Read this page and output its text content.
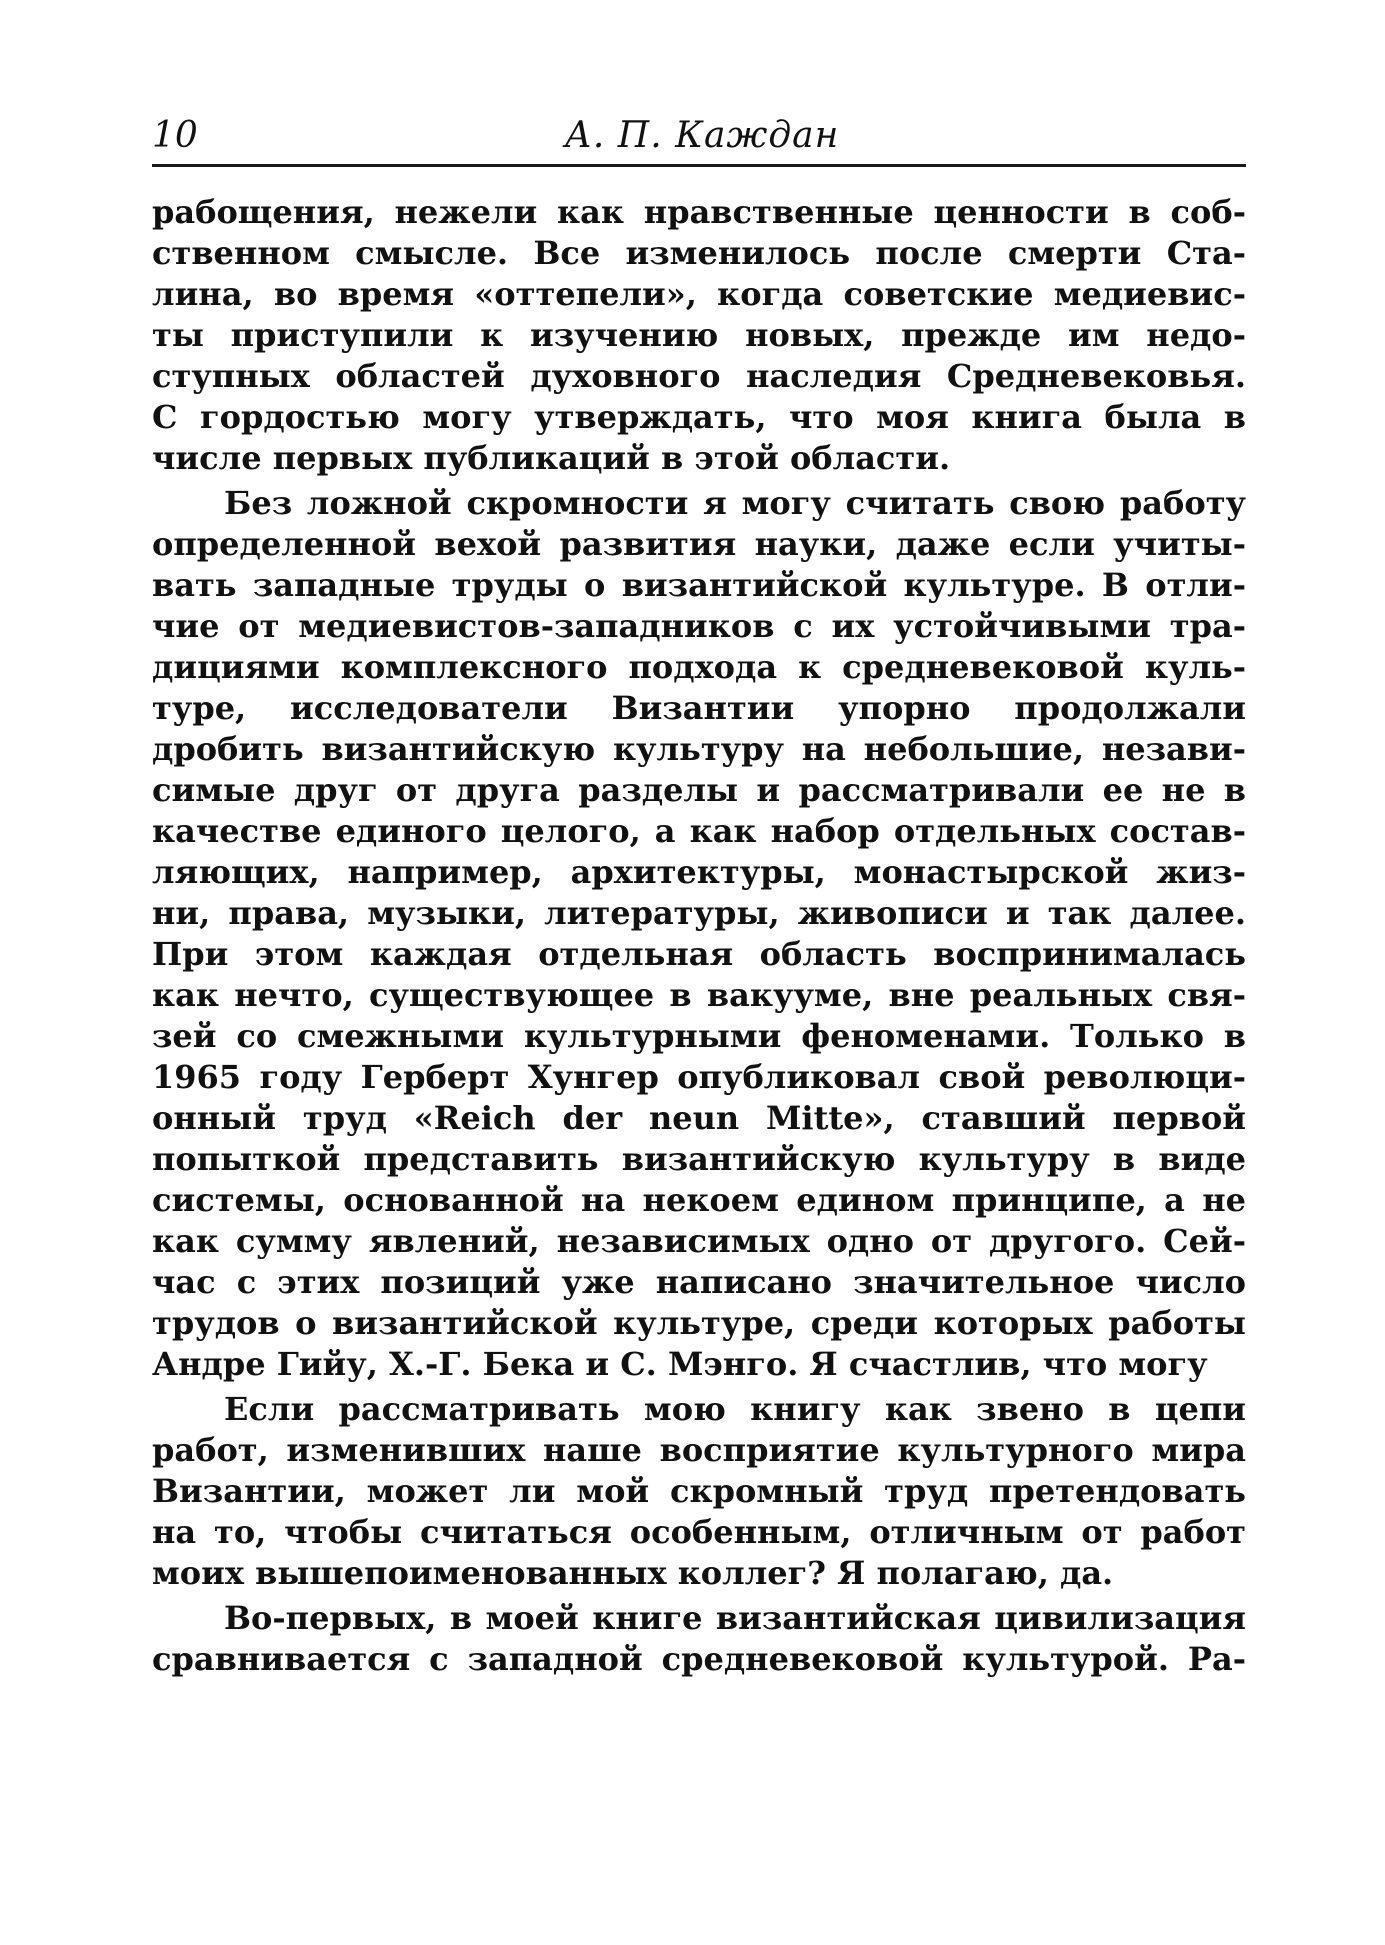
10	А. П. Каждан
рабощения, нежели как нравственные ценности в соб-
ственном смысле. Все изменилось после смерти Ста-
лина, во время «оттепели», когда советские медиевис-
ты приступили к изучению новых, прежде им недо-
ступных областей духовного наследия Средневековья.
С гордостью могу утверждать, что моя книга была в
числе первых публикаций в этой области.
Без ложной скромности я могу считать свою работу
определенной вехой развития науки, даже если учиты-
вать западные труды о византийской культуре. В отли-
чие от медиевистов-западников с их устойчивыми тра-
дициями комплексного подхода к средневековой куль-
туре, исследователи Византии упорно продолжали
дробить византийскую культуру на небольшие, незави-
симые друг от друга разделы и рассматривали ее не в
качестве единого целого, а как набор отдельных состав-
ляющих, например, архитектуры, монастырской жиз-
ни, права, музыки, литературы, живописи и так далее.
При этом каждая отдельная область воспринималась
как нечто, существующее в вакууме, вне реальных свя-
зей со смежными культурными феноменами. Только в
1965 году Герберт Хунгер опубликовал свой революци-
онный труд «Reich der neun Mitte», ставший первой
попыткой представить византийскую культуру в виде
системы, основанной на некоем едином принципе, а не
как сумму явлений, независимых одно от другого. Сей-
час с этих позиций уже написано значительное число
трудов о византийской культуре, среди которых работы
Андре Гийу, Х.-Г. Бека и С. Мэнго. Я счастлив, что могу
Если рассматривать мою книгу как звено в цепи
работ, изменивших наше восприятие культурного мира
Византии, может ли мой скромный труд претендовать
на то, чтобы считаться особенным, отличным от работ
моих вышепоименованных коллег? Я полагаю, да.
Во-первых, в моей книге византийская цивилизация
сравнивается с западной средневековой культурой. Ра-
